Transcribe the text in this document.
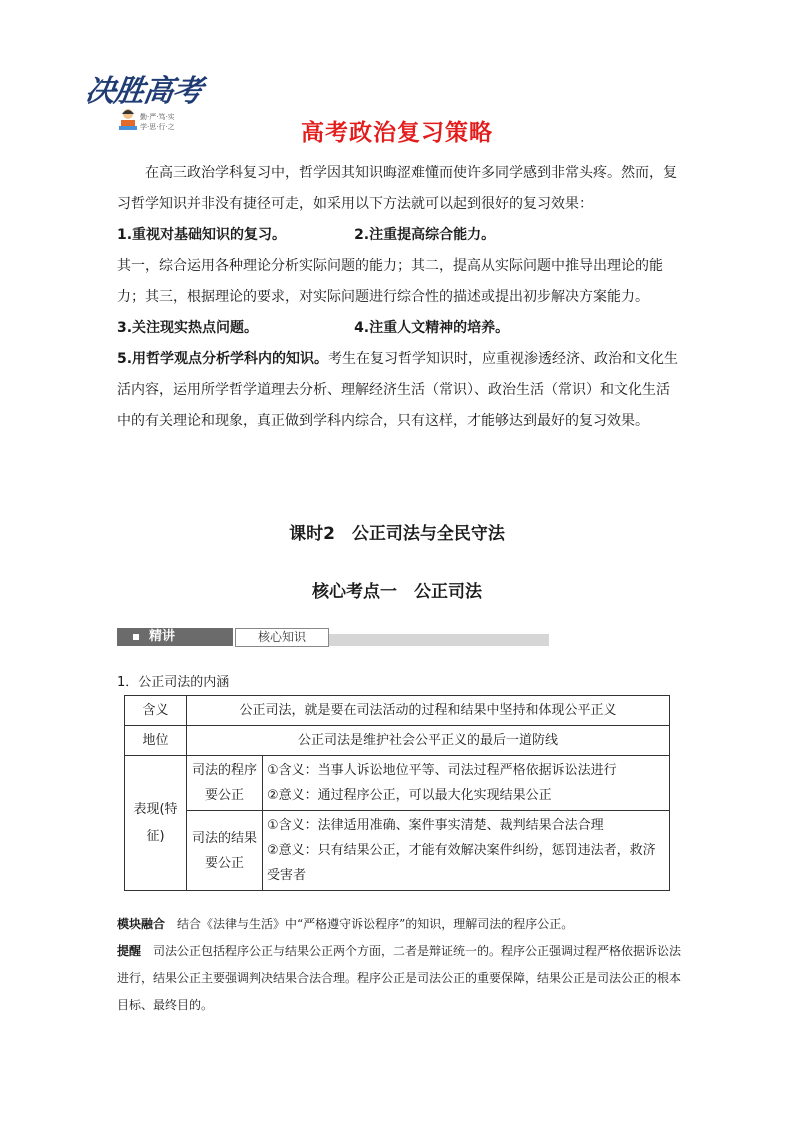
决胜高考
勤·严·笃·实
学·思·行·之	高考政治复习策略

在高三政治学科复习中，哲学因其知识晦涩难懂而使许多同学感到非常头疼。然而，复习哲学知识并非没有捷径可走，如采用以下方法就可以起到很好的复习效果：

1.重视对基础知识的复习。	2.注重提高综合能力。

其一，综合运用各种理论分析实际问题的能力；其二，提高从实际问题中推导出理论的能力；其三，根据理论的要求，对实际问题进行综合性的描述或提出初步解决方案能力。

3.关注现实热点问题。	4.注重人文精神的培养。

5.用哲学观点分析学科内的知识。考生在复习哲学知识时，应重视渗透经济、政治和文化生活内容，运用所学哲学道理去分析、理解经济生活（常识）、政治生活（常识）和文化生活中的有关理论和现象，真正做到学科内综合，只有这样，才能够达到最好的复习效果。

课时2　公正司法与全民守法
核心考点一　公正司法
精讲	核心知识
1．公正司法的内涵
含义	公正司法，就是要在司法活动的过程和结果中坚持和体现公平正义	
地位	公正司法是维护社会公平正义的最后一道防线	
表现(特征)	司法的程序要公正	①含义：当事人诉讼地位平等、司法过程严格依据诉讼法进行
②意义：通过程序公正，可以最大化实现结果公正

	司法的结果要公正	①含义：法律适用准确、案件事实清楚、裁判结果合法合理
②意义：只有结果公正，才能有效解决案件纠纷，惩罚违法者，救济受害者

模块融合　 结合《法律与生活》中“严格遵守诉讼程序”的知识，理解司法的程序公正。

提醒　 司法公正包括程序公正与结果公正两个方面，二者是辩证统一的。程序公正强调过程严格依据诉讼法进行，结果公正主要强调判决结果合法合理。程序公正是司法公正的重要保障，结果公正是司法公正的根本目标、最终目的。
